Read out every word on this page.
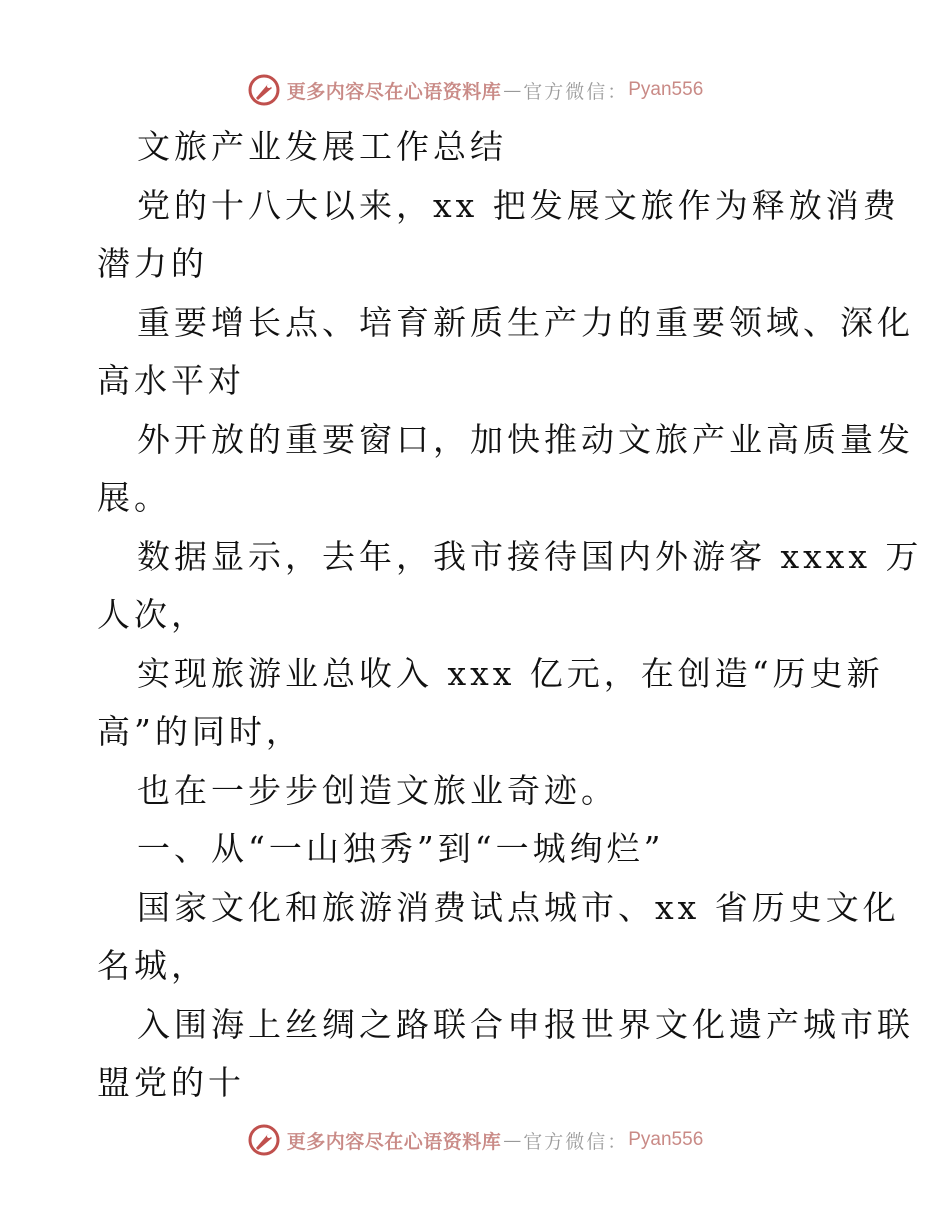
更多内容尽在心语资料库 — 官方微信： Pyan556
文旅产业发展工作总结
党的十八大以来，xx 把发展文旅作为释放消费
潜力的
重要增长点、培育新质生产力的重要领域、深化
高水平对
外开放的重要窗口，加快推动文旅产业高质量发
展。
数据显示，去年，我市接待国内外游客 xxxx 万
人次，
实现旅游业总收入 xxx 亿元，在创造“历史新
高”的同时，
也在一步步创造文旅业奇迹。
一、从“一山独秀”到“一城绚烂”
国家文化和旅游消费试点城市、xx 省历史文化
名城，
入围海上丝绸之路联合申报世界文化遗产城市联
盟党的十
更多内容尽在心语资料库 — 官方微信： Pyan556
